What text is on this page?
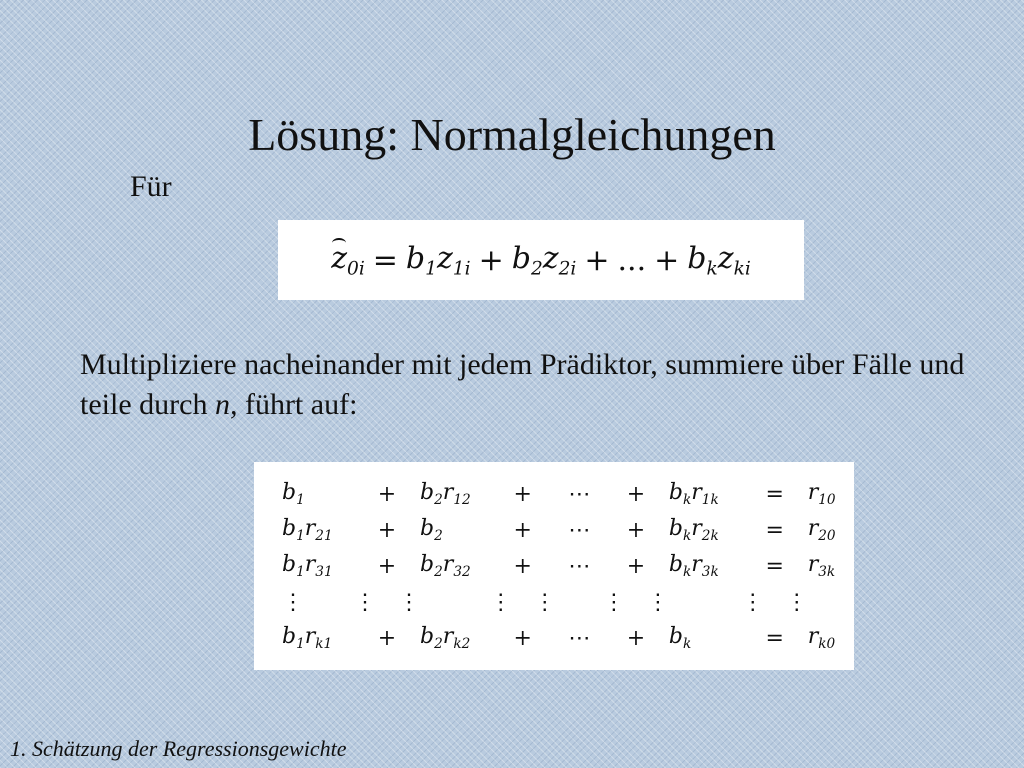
Lösung: Normalgleichungen
Für
$z_{0i} = b_1z_{1i} + b_2z_{2i}$ + ... + $b_kz_{ki}$
Multipliziere nacheinander mit jedem Prädiktor, summiere über Fälle und teile durch n, führt auf:
$b_1$	+	$b_2r_{12}$	+	⋯	+	$b_kr_{1k}$	=	$r_{10}$
$b_1r_{21}$	+	$b_2$	+	⋯	+	$b_kr_{2k}$	=	$r_{20}$
$b_1r_{31}$	+	$b_2r_{32}$	+	⋯	+	$b_kr_{3k}$	=	$r_{3k}$
⋮	⋮  ⋮		⋮  ⋮		⋮  ⋮		⋮  ⋮	
$b_1r_{k1}$	+	$b_2r_{k2}$	+	⋯	+	$b_k$	=	$r_{k0}$
1. Schätzung der Regressionsgewichte
